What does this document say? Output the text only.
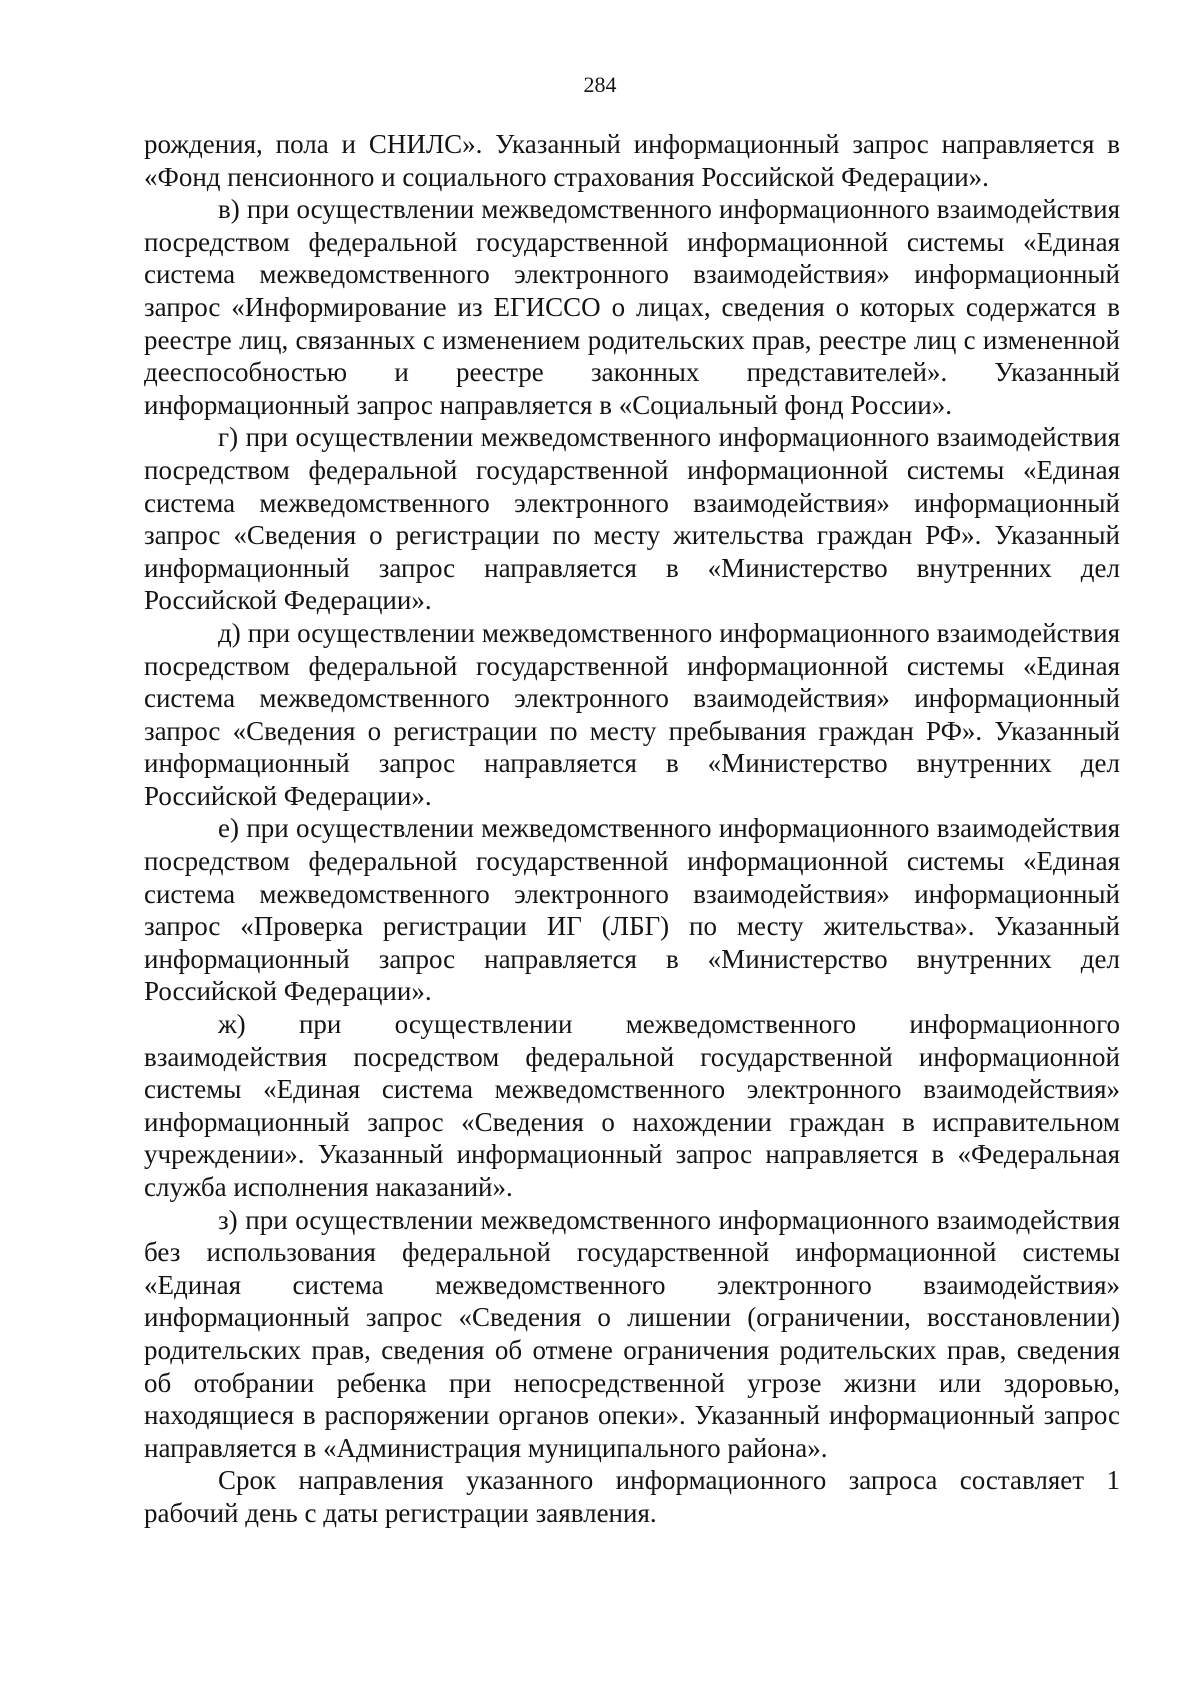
284

рождения, пола и СНИЛС». Указанный информационный запрос направляется в «Фонд пенсионного и социального страхования Российской Федерации».

в) при осуществлении межведомственного информационного взаимодействия посредством федеральной государственной информационной системы «Единая система межведомственного электронного взаимодействия» информационный запрос «Информирование из ЕГИССО о лицах, сведения о которых содержатся в реестре лиц, связанных с изменением родительских прав, реестре лиц с измененной дееспособностью и реестре законных представителей». Указанный информационный запрос направляется в «Социальный фонд России».

г) при осуществлении межведомственного информационного взаимодействия посредством федеральной государственной информационной системы «Единая система межведомственного электронного взаимодействия» информационный запрос «Сведения о регистрации по месту жительства граждан РФ». Указанный информационный запрос направляется в «Министерство внутренних дел Российской Федерации».

д) при осуществлении межведомственного информационного взаимодействия посредством федеральной государственной информационной системы «Единая система межведомственного электронного взаимодействия» информационный запрос «Сведения о регистрации по месту пребывания граждан РФ». Указанный информационный запрос направляется в «Министерство внутренних дел Российской Федерации».

е) при осуществлении межведомственного информационного взаимодействия посредством федеральной государственной информационной системы «Единая система межведомственного электронного взаимодействия» информационный запрос «Проверка регистрации ИГ (ЛБГ) по месту жительства». Указанный информационный запрос направляется в «Министерство внутренних дел Российской Федерации».

ж) при осуществлении межведомственного информационного взаимодействия посредством федеральной государственной информационной системы «Единая система межведомственного электронного взаимодействия» информационный запрос «Сведения о нахождении граждан в исправительном учреждении». Указанный информационный запрос направляется в «Федеральная служба исполнения наказаний».

з) при осуществлении межведомственного информационного взаимодействия без использования федеральной государственной информационной системы «Единая система межведомственного электронного взаимодействия» информационный запрос «Сведения о лишении (ограничении, восстановлении) родительских прав, сведения об отмене ограничения родительских прав, сведения об отобрании ребенка при непосредственной угрозе жизни или здоровью, находящиеся в распоряжении органов опеки». Указанный информационный запрос направляется в «Администрация муниципального района».

Срок направления указанного информационного запроса составляет 1 рабочий день с даты регистрации заявления.
